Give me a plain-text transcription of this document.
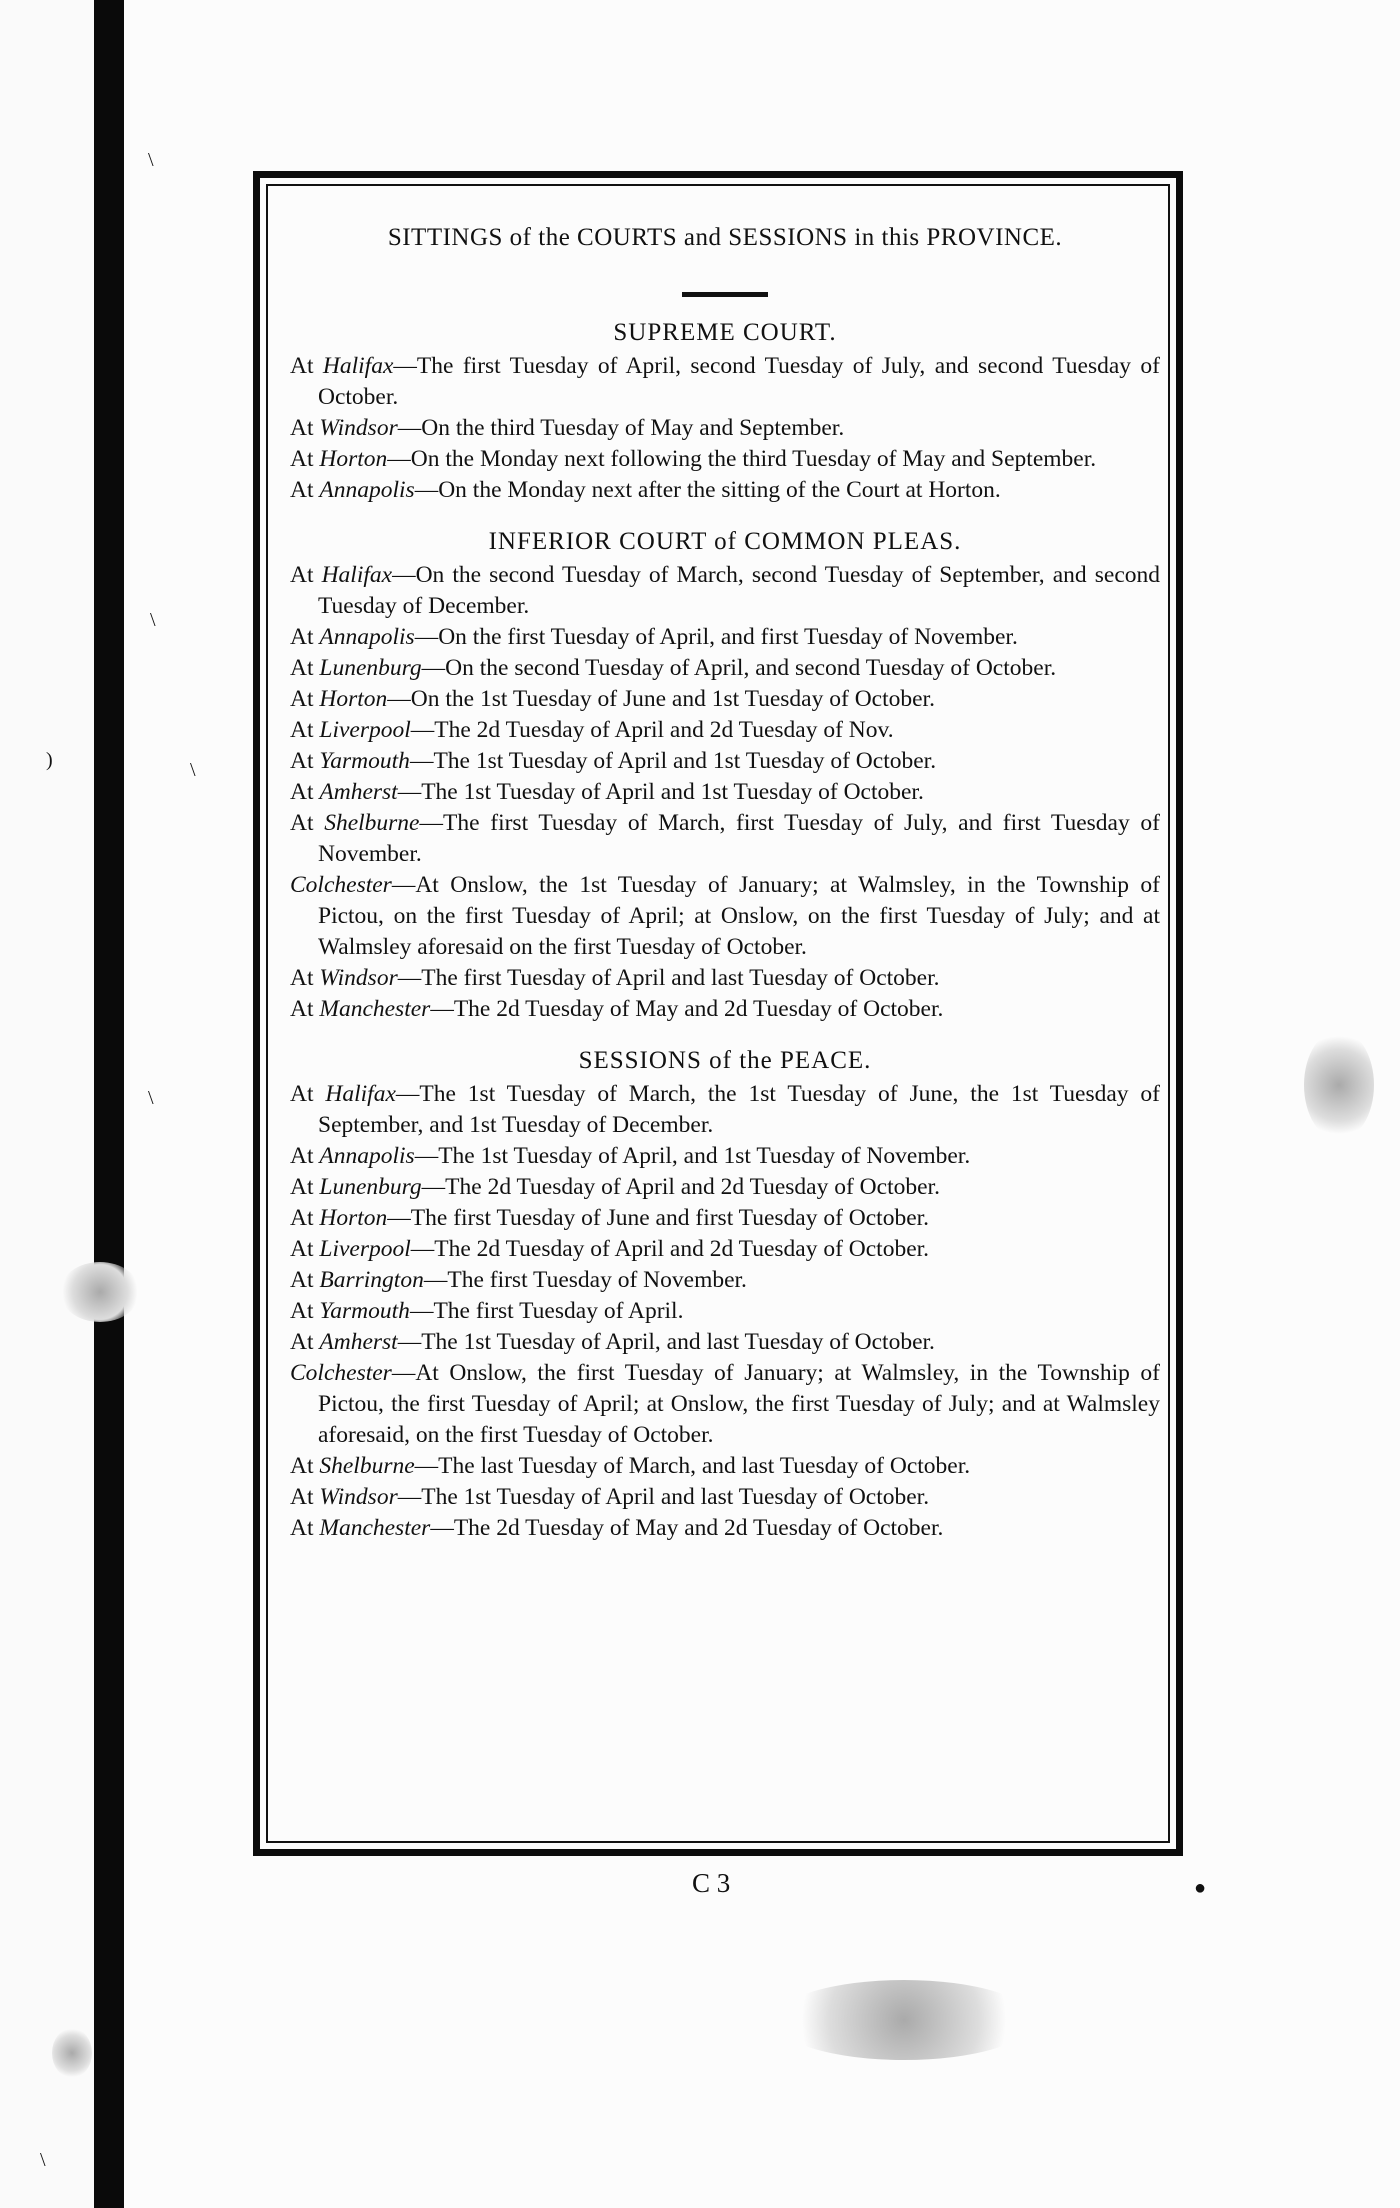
\
\
\
)	\
●
\
SITTINGS of the COURTS and SESSIONS in this PROVINCE.
SUPREME COURT.

At Halifax—The first Tuesday of April, second Tuesday of July, and second Tuesday of October.

At Windsor—On the third Tuesday of May and September.

At Horton—On the Monday next following the third Tuesday of May and September.

At Annapolis—On the Monday next after the sitting of the Court at Horton.

INFERIOR COURT of COMMON PLEAS.

At Halifax—On the second Tuesday of March, second Tuesday of September, and second Tuesday of December.

At Annapolis—On the first Tuesday of April, and first Tuesday of November.

At Lunenburg—On the second Tuesday of April, and second Tuesday of October.

At Horton—On the 1st Tuesday of June and 1st Tuesday of October.

At Liverpool—The 2d Tuesday of April and 2d Tuesday of Nov.

At Yarmouth—The 1st Tuesday of April and 1st Tuesday of October.

At Amherst—The 1st Tuesday of April and 1st Tuesday of October.

At Shelburne—The first Tuesday of March, first Tuesday of July, and first Tuesday of November.

Colchester—At Onslow, the 1st Tuesday of January; at Walmsley, in the Township of Pictou, on the first Tuesday of April; at Onslow, on the first Tuesday of July; and at Walmsley aforesaid on the first Tuesday of October.

At Windsor—The first Tuesday of April and last Tuesday of October.

At Manchester—The 2d Tuesday of May and 2d Tuesday of October.

SESSIONS of the PEACE.

At Halifax—The 1st Tuesday of March, the 1st Tuesday of June, the 1st Tuesday of September, and 1st Tuesday of December.

At Annapolis—The 1st Tuesday of April, and 1st Tuesday of November.

At Lunenburg—The 2d Tuesday of April and 2d Tuesday of October.

At Horton—The first Tuesday of June and first Tuesday of October.

At Liverpool—The 2d Tuesday of April and 2d Tuesday of October.

At Barrington—The first Tuesday of November.

At Yarmouth—The first Tuesday of April.

At Amherst—The 1st Tuesday of April, and last Tuesday of October.

Colchester—At Onslow, the first Tuesday of January; at Walmsley, in the Township of Pictou, the first Tuesday of April; at Onslow, the first Tuesday of July; and at Walmsley aforesaid, on the first Tuesday of October.

At Shelburne—The last Tuesday of March, and last Tuesday of October.

At Windsor—The 1st Tuesday of April and last Tuesday of October.

At Manchester—The 2d Tuesday of May and 2d Tuesday of October.

C 3
